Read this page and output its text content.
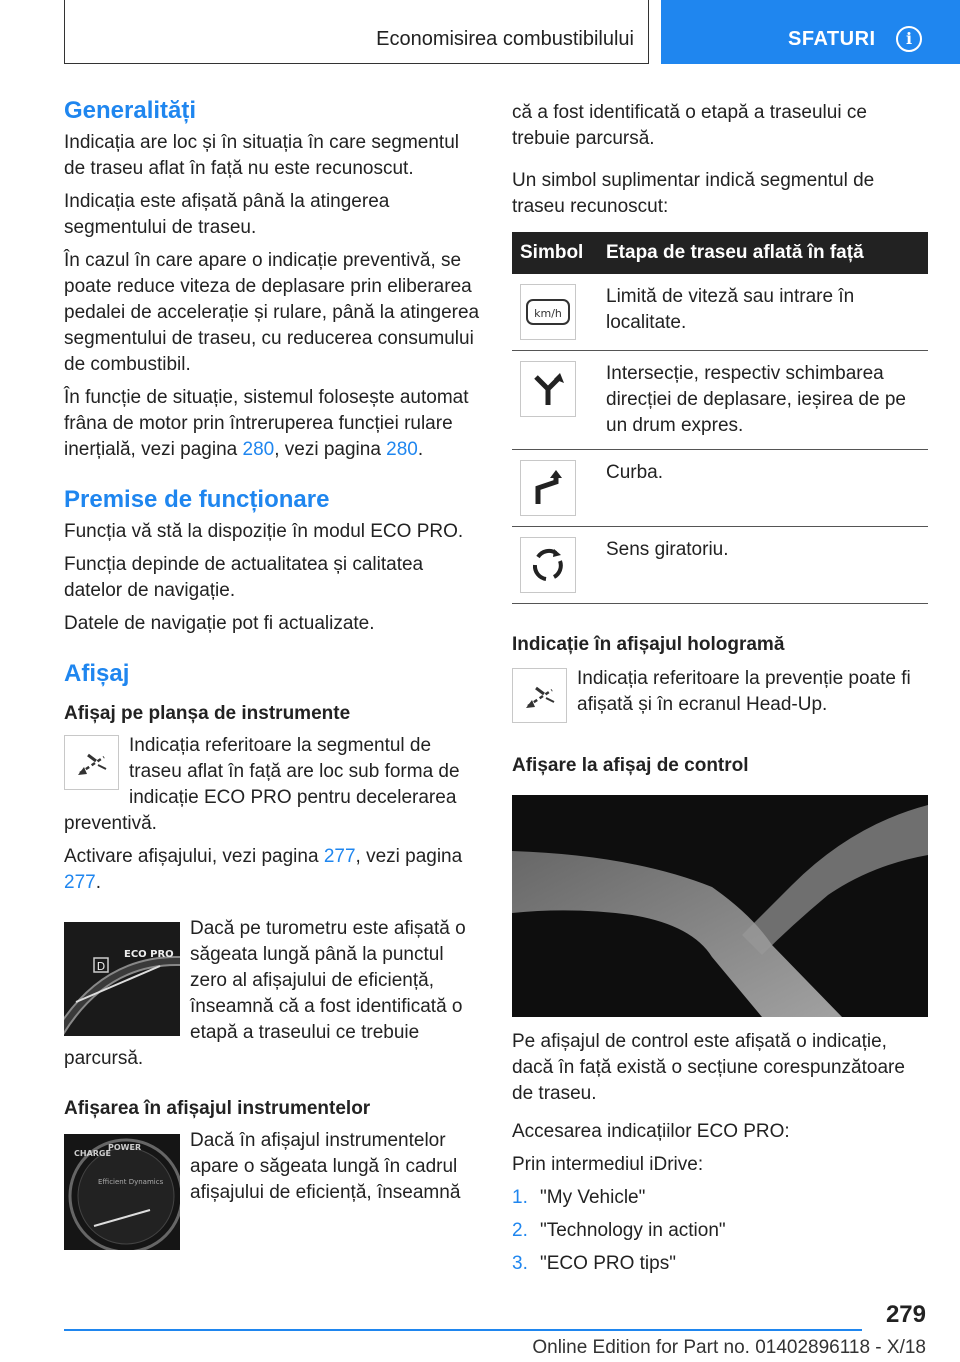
Economisirea combustibilului	SFATURI	i
Generalități

Indicația are loc și în situația în care segmentul de traseu aflat în față nu este recunoscut.

Indicația este afișată până la atingerea segmentului de traseu.

În cazul în care apare o indicație preventivă, se poate reduce viteza de deplasare prin eliberarea pedalei de accelerație și rulare, până la atingerea segmentului de traseu, cu reducerea consumului de combustibil.

În funcție de situație, sistemul folosește automat frâna de motor prin întreruperea funcției rulare inerțială, vezi pagina 280, vezi pagina 280.

Premise de funcționare

Funcția vă stă la dispoziție în modul ECO PRO.

Funcția depinde de actualitatea și calitatea datelor de navigație.

Datele de navigație pot fi actualizate.

Afișaj
Afișaj pe planșa de instrumente

Indicația referitoare la segmentul de traseu aflat în față are loc sub forma de indicație ECO PRO pentru decelerarea preventivă.

Activare afișajului, vezi pagina 277, vezi pagina 277.

D
ECO PRO

Dacă pe turometru este afișată o săgeata lungă până la punctul zero al afișajului de eficiență, înseamnă că a fost identificată o etapă a traseului ce trebuie parcursă.

Afișarea în afișajul instrumentelor
CHARGE
POWER
Efficient Dynamics

Dacă în afișajul instrumentelor apare o săgeata lungă în cadrul afișajului de eficiență, înseamnă

că a fost identificată o etapă a traseului ce trebuie parcursă.

Un simbol suplimentar indică segmentul de traseu recunoscut:

Simbol	Etapa de traseu aflată în față

km/h	Limită de viteză sau intrare în localitate.

	Intersecție, respectiv schimbarea direcției de deplasare, ieșirea de pe un drum expres.

	Curba.

	Sens giratoriu.
Indicație în afișajul hologramă

Indicația referitoare la prevenție poate fi afișată și în ecranul Head-Up.

Afișare la afișaj de control

Pe afișajul de control este afișată o indicație, dacă în față există o secțiune corespunzătoare de traseu.

Accesarea indicațiilor ECO PRO:

Prin intermediul iDrive:

1. "My Vehicle"
2. "Technology in action"
3. "ECO PRO tips"
279
Online Edition for Part no. 01402896118 - X/18
